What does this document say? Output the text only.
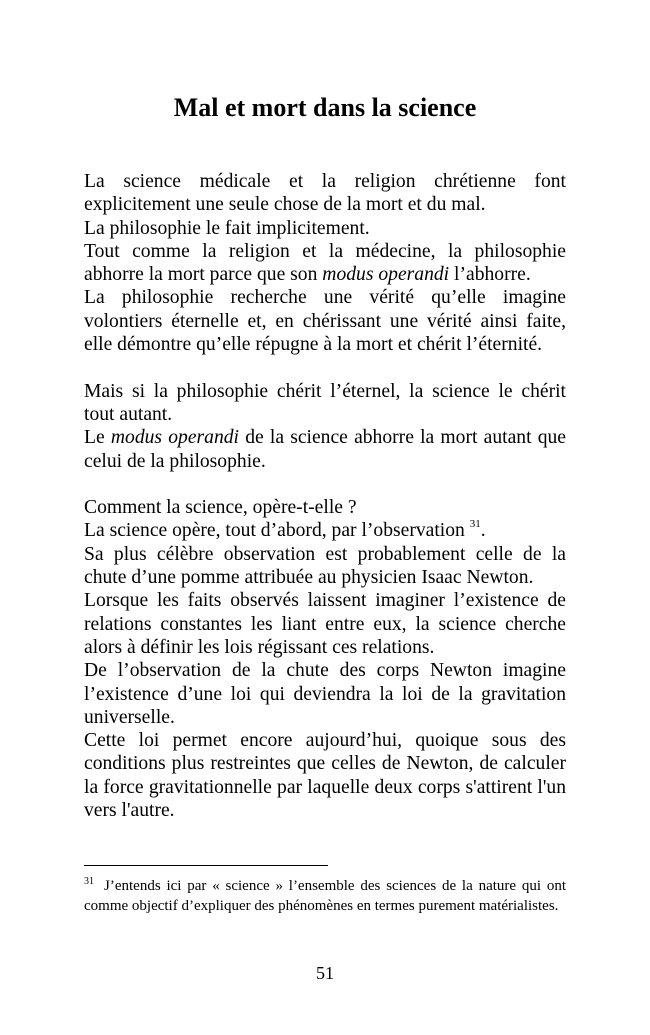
Mal et mort dans la science

La science médicale et la religion chrétienne font explicitement une seule chose de la mort et du mal.

La philosophie le fait implicitement.

Tout comme la religion et la médecine, la philosophie abhorre la mort parce que son modus operandi l’abhorre.

La philosophie recherche une vérité qu’elle imagine volontiers éternelle et, en chérissant une vérité ainsi faite, elle démontre qu’elle répugne à la mort et chérit l’éternité.

Mais si la philosophie chérit l’éternel, la science le chérit tout autant.

Le modus operandi de la science abhorre la mort autant que celui de la philosophie.

Comment la science, opère-t-elle ?

La science opère, tout d’abord, par l’observation $^{31}$.

Sa plus célèbre observation est probablement celle de la chute d’une pomme attribuée au physicien Isaac Newton.

Lorsque les faits observés laissent imaginer l’existence de relations constantes les liant entre eux, la science cherche alors à définir les lois régissant ces relations.

De l’observation de la chute des corps Newton imagine l’existence d’une loi qui deviendra la loi de la gravitation universelle.

Cette loi permet encore aujourd’hui, quoique sous des conditions plus restreintes que celles de Newton, de calculer la force gravitationnelle par laquelle deux corps s'attirent l'un vers l'autre.

$^{31}$ J’entends ici par « science » l’ensemble des sciences de la nature qui ont comme objectif d’expliquer des phénomènes en termes purement matérialistes.

51
